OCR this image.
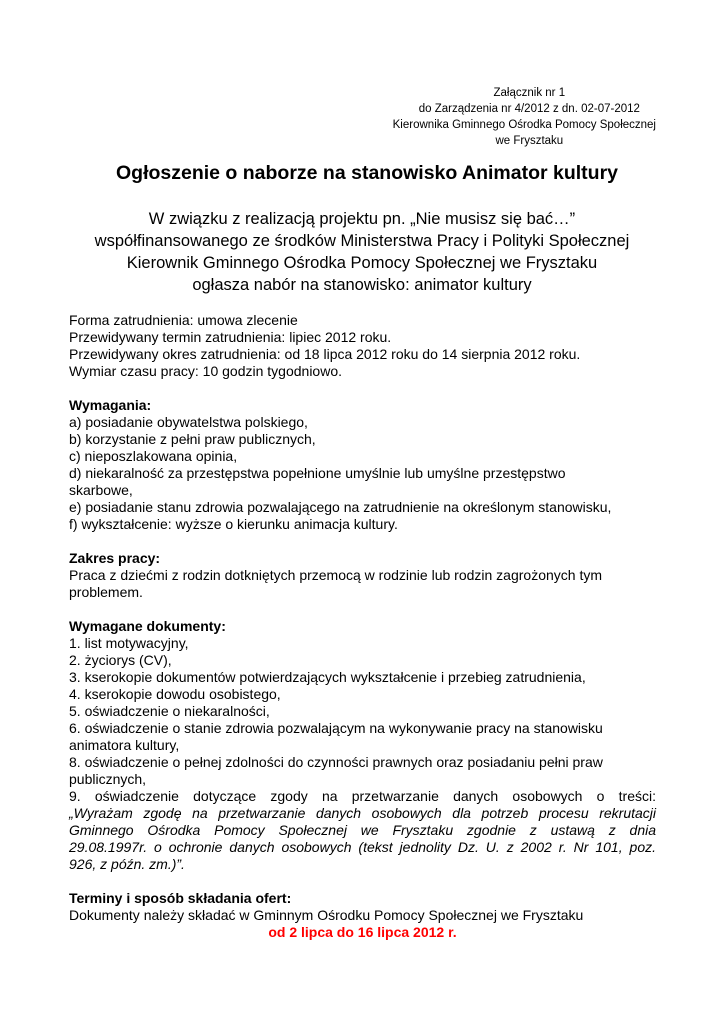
Załącznik nr 1
do Zarządzenia nr 4/2012 z dn. 02-07-2012
Kierownika Gminnego Ośrodka Pomocy Społecznej
we Frysztaku
Ogłoszenie o naborze na stanowisko Animator kultury

W związku z realizacją projektu pn. „Nie musisz się bać…”

współfinansowanego ze środków Ministerstwa Pracy i Polityki Społecznej

Kierownik Gminnego Ośrodka Pomocy Społecznej we Frysztaku

ogłasza nabór na stanowisko: animator kultury

Forma zatrudnienia: umowa zlecenie

Przewidywany termin zatrudnienia: lipiec 2012 roku.

Przewidywany okres zatrudnienia: od 18 lipca 2012 roku do 14 sierpnia 2012 roku.

Wymiar czasu pracy: 10 godzin tygodniowo.

Wymagania:

a) posiadanie obywatelstwa polskiego,

b) korzystanie z pełni praw publicznych,

c) nieposzlakowana opinia,

d) niekaralność za przestępstwa popełnione umyślnie lub umyślne przestępstwo

skarbowe,

e) posiadanie stanu zdrowia pozwalającego na zatrudnienie na określonym stanowisku,

f) wykształcenie: wyższe o kierunku animacja kultury.

Zakres pracy:

Praca z dziećmi z rodzin dotkniętych przemocą w rodzinie lub rodzin zagrożonych tym

problemem.

Wymagane dokumenty:

1. list motywacyjny,

2. życiorys (CV),

3. kserokopie dokumentów potwierdzających wykształcenie i przebieg zatrudnienia,

4. kserokopie dowodu osobistego,

5. oświadczenie o niekaralności,

6. oświadczenie o stanie zdrowia pozwalającym na wykonywanie pracy na stanowisku

animatora kultury,

8. oświadczenie o pełnej zdolności do czynności prawnych oraz posiadaniu pełni praw

publicznych,

9. oświadczenie dotyczące zgody na przetwarzanie danych osobowych o treści:

„Wyrażam zgodę na przetwarzanie danych osobowych dla potrzeb procesu rekrutacji

Gminnego Ośrodka Pomocy Społecznej we Frysztaku zgodnie z ustawą z dnia

29.08.1997r. o ochronie danych osobowych (tekst jednolity Dz. U. z 2002 r. Nr 101, poz.

926, z późn. zm.)”.

Terminy i sposób składania ofert:

Dokumenty należy składać w Gminnym Ośrodku Pomocy Społecznej we Frysztaku

od 2 lipca do 16 lipca 2012 r.
